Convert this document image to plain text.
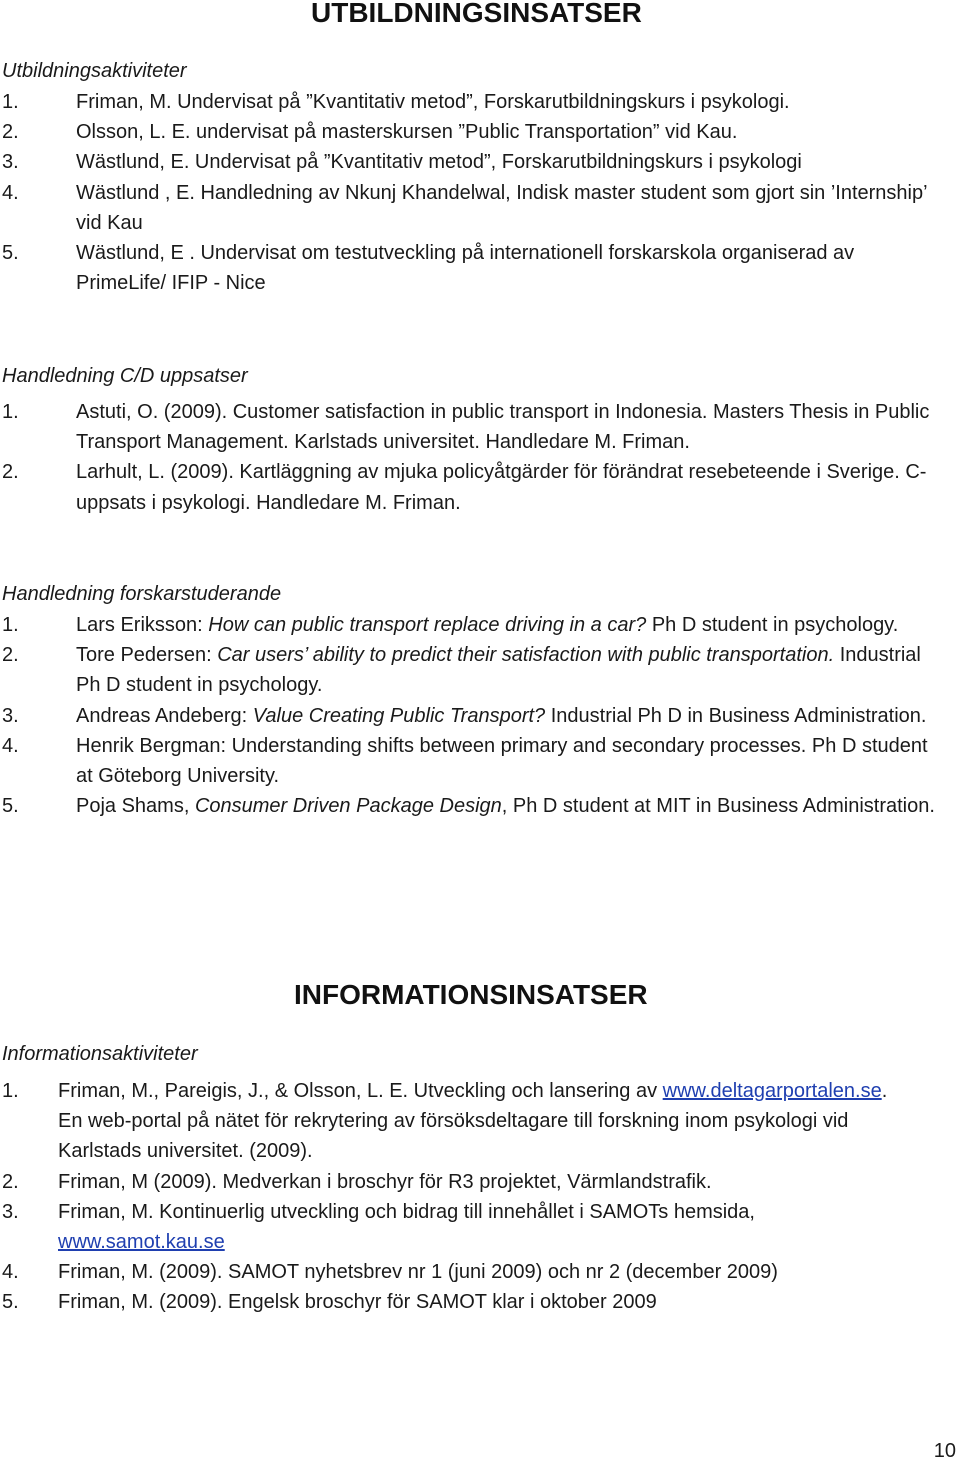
UTBILDNINGSINSATSER
Utbildningsaktiviteter
1.	Friman, M. Undervisat på ”Kvantitativ metod”, Forskarutbildningskurs i psykologi.
2.	Olsson, L. E. undervisat på masterskursen ”Public Transportation” vid Kau.
3.	Wästlund, E. Undervisat på ”Kvantitativ metod”, Forskarutbildningskurs i psykologi
4.	Wästlund , E. Handledning av Nkunj Khandelwal, Indisk master student som gjort sin ’Internship’ vid Kau
5.	Wästlund, E . Undervisat om testutveckling på internationell forskarskola organiserad av PrimeLife/ IFIP - Nice
Handledning C/D uppsatser
1.	Astuti, O. (2009). Customer satisfaction in public transport in Indonesia. Masters Thesis in Public Transport Management. Karlstads universitet. Handledare M. Friman.
2.	Larhult, L. (2009). Kartläggning av mjuka policyåtgärder för förändrat resebeteende i Sverige. C-uppsats i psykologi. Handledare M. Friman.
Handledning forskarstuderande
1.	Lars Eriksson: How can public transport replace driving in a car? Ph D student in psychology.
2.	Tore Pedersen: Car users’ ability to predict their satisfaction with public transportation. Industrial Ph D student in psychology.
3.	Andreas Andeberg: Value Creating Public Transport? Industrial Ph D in Business Administration.
4.	Henrik Bergman: Understanding shifts between primary and secondary processes. Ph D student at Göteborg University.
5.	Poja Shams, Consumer Driven Package Design, Ph D student at MIT in Business Administration.
INFORMATIONSINSATSER
Informationsaktiviteter
1. Friman, M., Pareigis, J., & Olsson, L. E. Utveckling och lansering av www.deltagarportalen.se. En web-portal på nätet för rekrytering av försöksdeltagare till forskning inom psykologi vid Karlstads universitet. (2009).
2. Friman, M (2009). Medverkan i broschyr för R3 projektet, Värmlandstrafik.
3. Friman, M. Kontinuerlig utveckling och bidrag till innehållet i SAMOTs hemsida, www.samot.kau.se
4. Friman, M. (2009). SAMOT nyhetsbrev nr 1 (juni 2009) och nr 2 (december 2009)
5. Friman, M. (2009). Engelsk broschyr för SAMOT klar i oktober 2009
10
